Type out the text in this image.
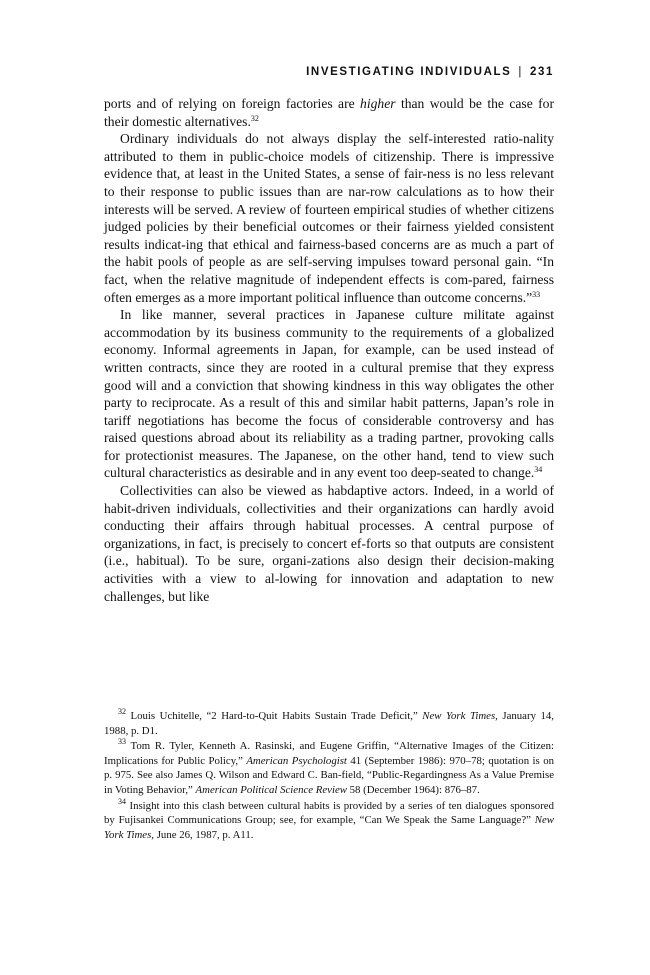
INVESTIGATING INDIVIDUALS | 231

ports and of relying on foreign factories are higher than would be the case for their domestic alternatives.$^{32}$

Ordinary individuals do not always display the self-interested ratio-nality attributed to them in public-choice models of citizenship. There is impressive evidence that, at least in the United States, a sense of fair-ness is no less relevant to their response to public issues than are nar-row calculations as to how their interests will be served. A review of fourteen empirical studies of whether citizens judged policies by their beneficial outcomes or their fairness yielded consistent results indicat-ing that ethical and fairness-based concerns are as much a part of the habit pools of people as are self-serving impulses toward personal gain. “In fact, when the relative magnitude of independent effects is com-pared, fairness often emerges as a more important political influence than outcome concerns.”$^{33}$

In like manner, several practices in Japanese culture militate against accommodation by its business community to the requirements of a globalized economy. Informal agreements in Japan, for example, can be used instead of written contracts, since they are rooted in a cultural premise that they express good will and a conviction that showing kindness in this way obligates the other party to reciprocate. As a result of this and similar habit patterns, Japan’s role in tariff negotiations has become the focus of considerable controversy and has raised questions abroad about its reliability as a trading partner, provoking calls for protectionist measures. The Japanese, on the other hand, tend to view such cultural characteristics as desirable and in any event too deep-seated to change.$^{34}$

Collectivities can also be viewed as habdaptive actors. Indeed, in a world of habit-driven individuals, collectivities and their organizations can hardly avoid conducting their affairs through habitual processes. A central purpose of organizations, in fact, is precisely to concert ef-forts so that outputs are consistent (i.e., habitual). To be sure, organi-zations also design their decision-making activities with a view to al-lowing for innovation and adaptation to new challenges, but like

$^{32}$ Louis Uchitelle, “2 Hard-to-Quit Habits Sustain Trade Deficit,” New York Times, January 14, 1988, p. D1.

$^{33}$ Tom R. Tyler, Kenneth A. Rasinski, and Eugene Griffin, “Alternative Images of the Citizen: Implications for Public Policy,” American Psychologist 41 (September 1986): 970–78; quotation is on p. 975. See also James Q. Wilson and Edward C. Ban-field, “Public-Regardingness As a Value Premise in Voting Behavior,” American Political Science Review 58 (December 1964): 876–87.

$^{34}$ Insight into this clash between cultural habits is provided by a series of ten dialogues sponsored by Fujisankei Communications Group; see, for example, “Can We Speak the Same Language?” New York Times, June 26, 1987, p. A11.
